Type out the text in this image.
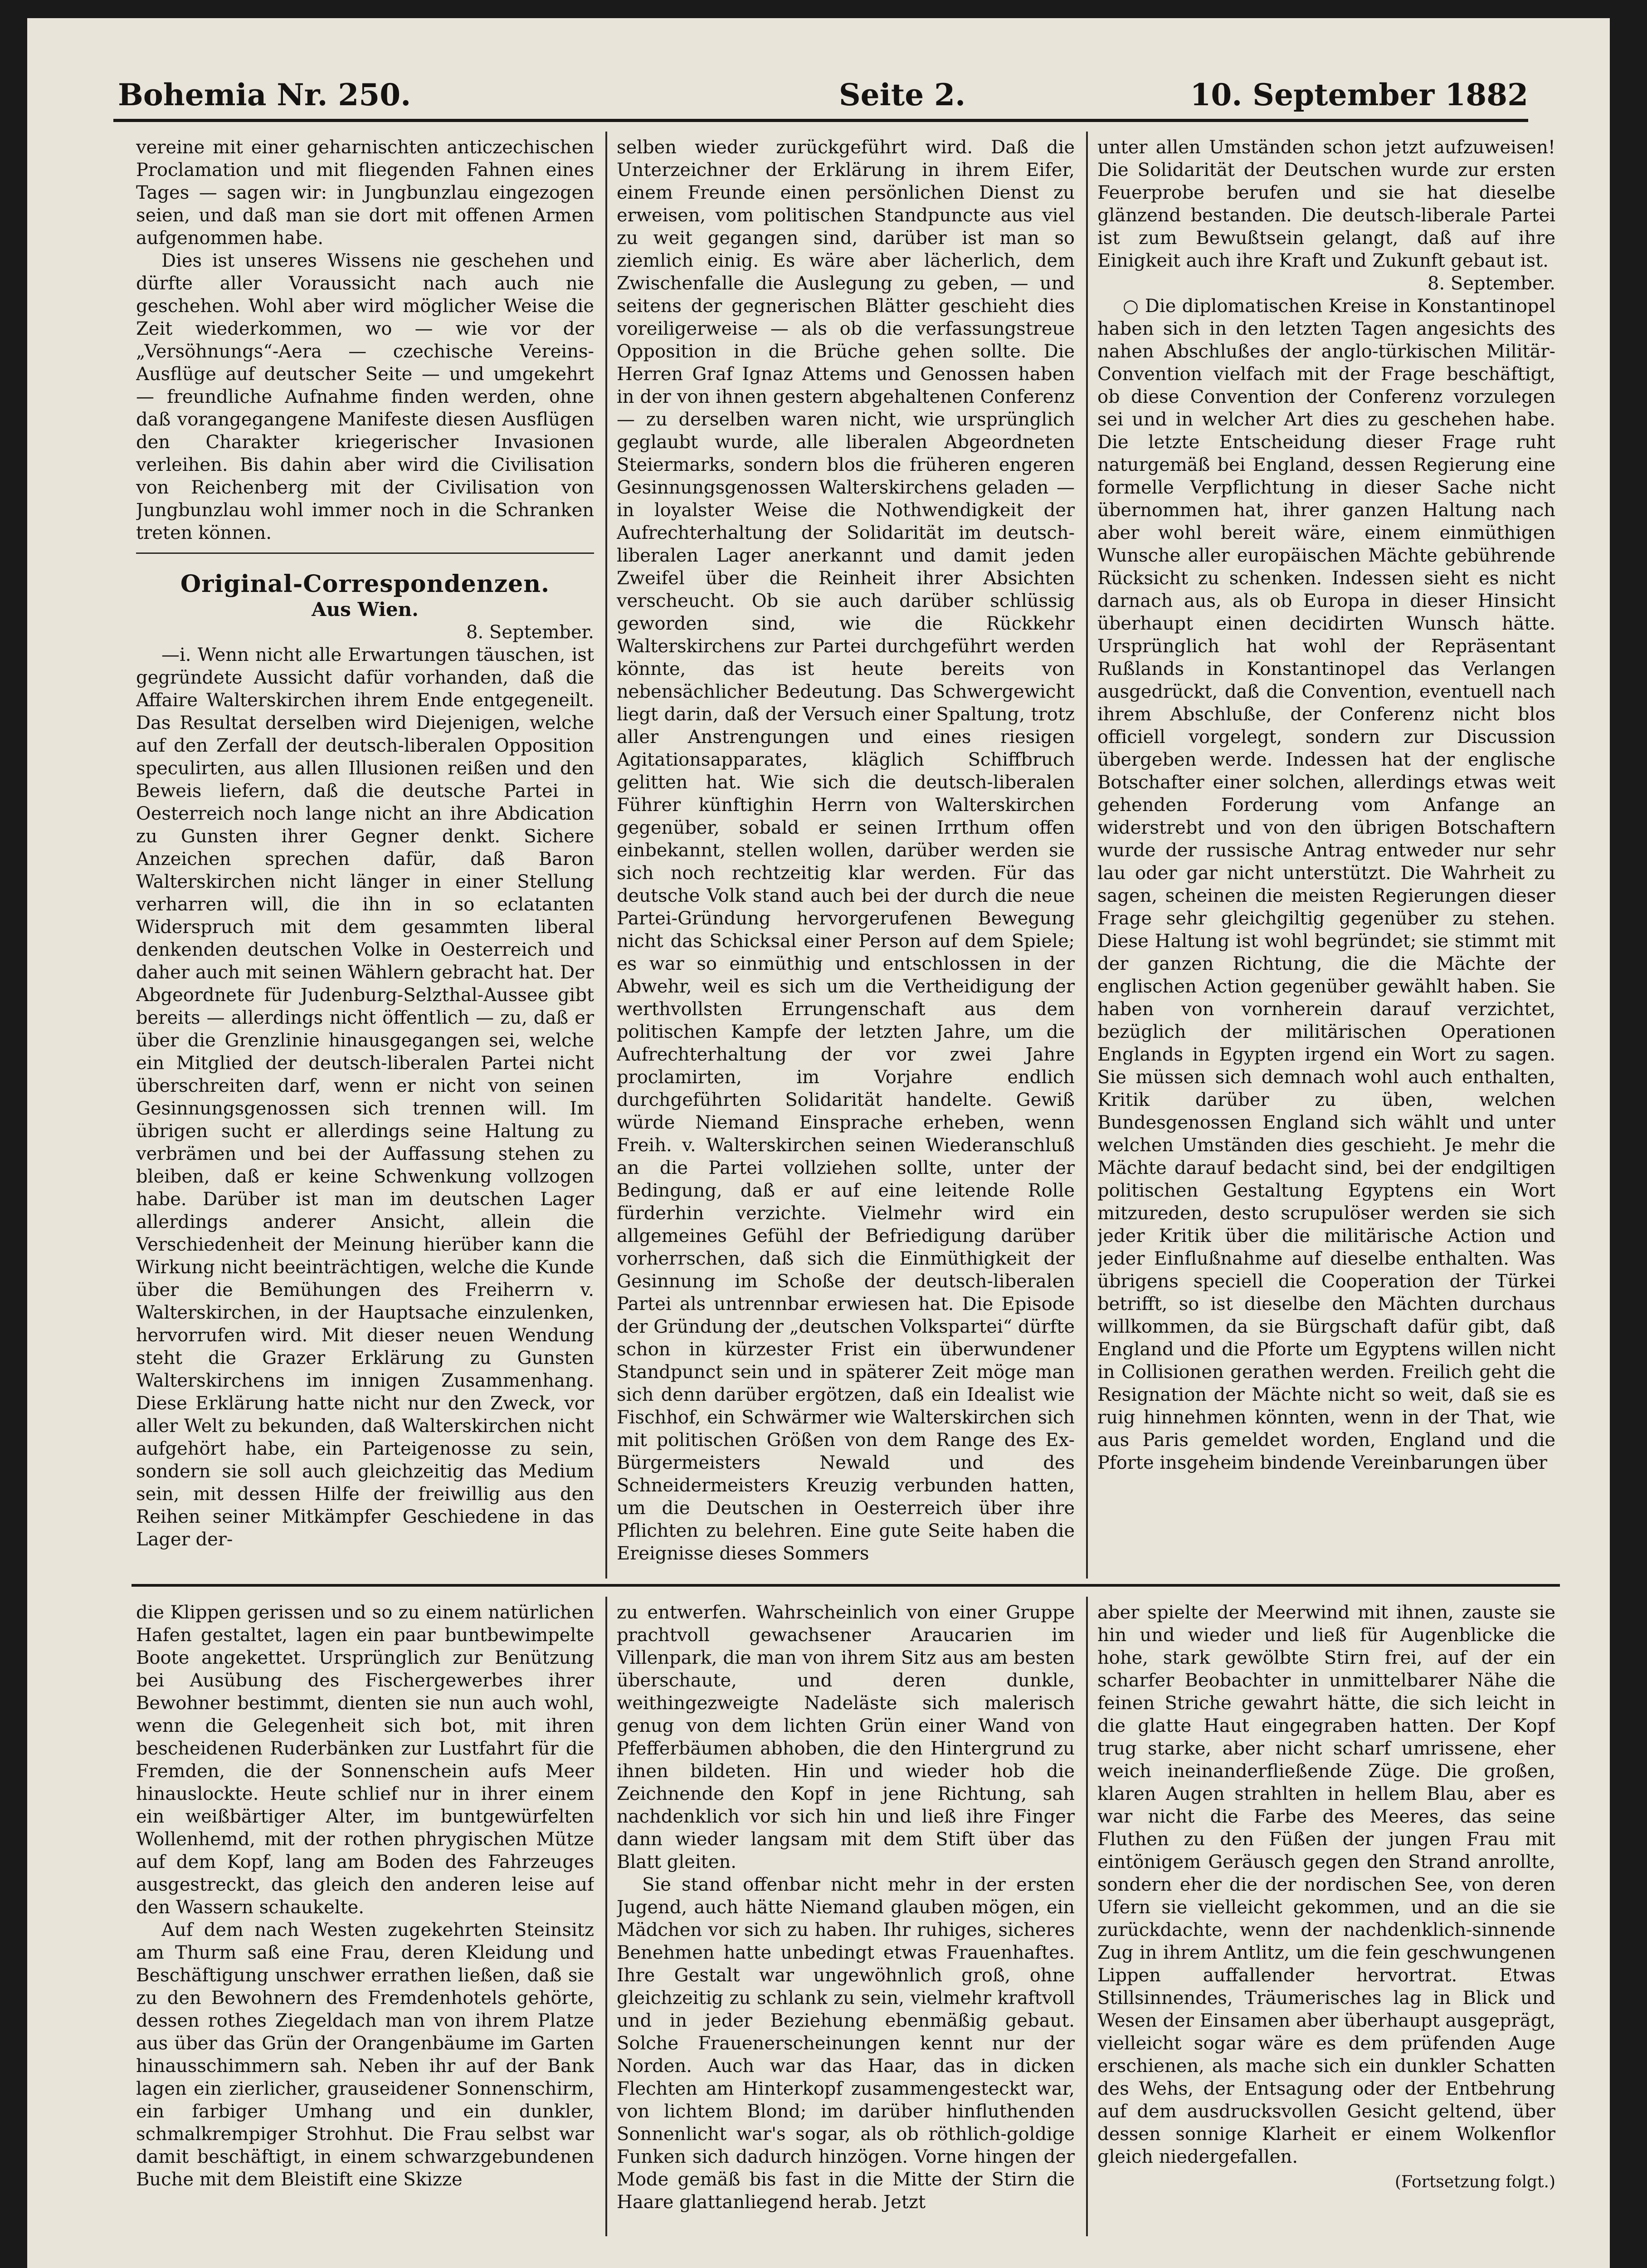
Bohemia Nr. 250.	Seite 2.	10. September 1882

vereine mit einer geharnischten anticzechischen Proclamation und mit fliegenden Fahnen eines Tages — sagen wir: in Jungbunzlau eingezogen seien, und daß man sie dort mit offenen Armen aufgenommen habe.

Dies ist unseres Wissens nie geschehen und dürfte aller Voraussicht nach auch nie geschehen. Wohl aber wird möglicher Weise die Zeit wiederkommen, wo — wie vor der „Versöhnungs“-Aera — czechische Vereins-Ausflüge auf deutscher Seite — und umgekehrt — freundliche Aufnahme finden werden, ohne daß vorangegangene Manifeste diesen Ausflügen den Charakter kriegerischer Invasionen verleihen. Bis dahin aber wird die Civilisation von Reichenberg mit der Civilisation von Jungbunzlau wohl immer noch in die Schranken treten können.

Original-Correspondenzen.

Aus Wien.

8. September.

—i. Wenn nicht alle Erwartungen täuschen, ist gegründete Aussicht dafür vorhanden, daß die Affaire Walterskirchen ihrem Ende entgegeneilt. Das Resultat derselben wird Diejenigen, welche auf den Zerfall der deutsch-liberalen Opposition speculirten, aus allen Illusionen reißen und den Beweis liefern, daß die deutsche Partei in Oesterreich noch lange nicht an ihre Abdication zu Gunsten ihrer Gegner denkt. Sichere Anzeichen sprechen dafür, daß Baron Walterskirchen nicht länger in einer Stellung verharren will, die ihn in so eclatanten Widerspruch mit dem gesammten liberal denkenden deutschen Volke in Oesterreich und daher auch mit seinen Wählern gebracht hat. Der Abgeordnete für Judenburg-Selzthal-Aussee gibt bereits — allerdings nicht öffentlich — zu, daß er über die Grenzlinie hinausgegangen sei, welche ein Mitglied der deutsch-liberalen Partei nicht überschreiten darf, wenn er nicht von seinen Gesinnungsgenossen sich trennen will. Im übrigen sucht er allerdings seine Haltung zu verbrämen und bei der Auffassung stehen zu bleiben, daß er keine Schwenkung vollzogen habe. Darüber ist man im deutschen Lager allerdings anderer Ansicht, allein die Verschiedenheit der Meinung hierüber kann die Wirkung nicht beeinträchtigen, welche die Kunde über die Bemühungen des Freiherrn v. Walterskirchen, in der Hauptsache einzulenken, hervorrufen wird. Mit dieser neuen Wendung steht die Grazer Erklärung zu Gunsten Walterskirchens im innigen Zusammenhang. Diese Erklärung hatte nicht nur den Zweck, vor aller Welt zu bekunden, daß Walterskirchen nicht aufgehört habe, ein Parteigenosse zu sein, sondern sie soll auch gleichzeitig das Medium sein, mit dessen Hilfe der freiwillig aus den Reihen seiner Mitkämpfer Geschiedene in das Lager der-

selben wieder zurückgeführt wird. Daß die Unterzeichner der Erklärung in ihrem Eifer, einem Freunde einen persönlichen Dienst zu erweisen, vom politischen Standpuncte aus viel zu weit gegangen sind, darüber ist man so ziemlich einig. Es wäre aber lächerlich, dem Zwischenfalle die Auslegung zu geben, — und seitens der gegnerischen Blätter geschieht dies voreiligerweise — als ob die verfassungstreue Opposition in die Brüche gehen sollte. Die Herren Graf Ignaz Attems und Genossen haben in der von ihnen gestern abgehaltenen Conferenz — zu derselben waren nicht, wie ursprünglich geglaubt wurde, alle liberalen Abgeordneten Steiermarks, sondern blos die früheren engeren Gesinnungsgenossen Walterskirchens geladen — in loyalster Weise die Nothwendigkeit der Aufrechterhaltung der Solidarität im deutsch-liberalen Lager anerkannt und damit jeden Zweifel über die Reinheit ihrer Absichten verscheucht. Ob sie auch darüber schlüssig geworden sind, wie die Rückkehr Walterskirchens zur Partei durchgeführt werden könnte, das ist heute bereits von nebensächlicher Bedeutung. Das Schwergewicht liegt darin, daß der Versuch einer Spaltung, trotz aller Anstrengungen und eines riesigen Agitationsapparates, kläglich Schiffbruch gelitten hat. Wie sich die deutsch-liberalen Führer künftighin Herrn von Walterskirchen gegenüber, sobald er seinen Irrthum offen einbekannt, stellen wollen, darüber werden sie sich noch rechtzeitig klar werden. Für das deutsche Volk stand auch bei der durch die neue Partei-Gründung hervorgerufenen Bewegung nicht das Schicksal einer Person auf dem Spiele; es war so einmüthig und entschlossen in der Abwehr, weil es sich um die Vertheidigung der werthvollsten Errungenschaft aus dem politischen Kampfe der letzten Jahre, um die Aufrechterhaltung der vor zwei Jahre proclamirten, im Vorjahre endlich durchgeführten Solidarität handelte. Gewiß würde Niemand Einsprache erheben, wenn Freih. v. Walterskirchen seinen Wiederanschluß an die Partei vollziehen sollte, unter der Bedingung, daß er auf eine leitende Rolle fürderhin verzichte. Vielmehr wird ein allgemeines Gefühl der Befriedigung darüber vorherrschen, daß sich die Einmüthigkeit der Gesinnung im Schoße der deutsch-liberalen Partei als untrennbar erwiesen hat. Die Episode der Gründung der „deutschen Volkspartei“ dürfte schon in kürzester Frist ein überwundener Standpunct sein und in späterer Zeit möge man sich denn darüber ergötzen, daß ein Idealist wie Fischhof, ein Schwärmer wie Walterskirchen sich mit politischen Größen von dem Range des Ex-Bürgermeisters Newald und des Schneidermeisters Kreuzig verbunden hatten, um die Deutschen in Oesterreich über ihre Pflichten zu belehren. Eine gute Seite haben die Ereignisse dieses Sommers

unter allen Umständen schon jetzt aufzuweisen! Die Solidarität der Deutschen wurde zur ersten Feuerprobe berufen und sie hat dieselbe glänzend bestanden. Die deutsch-liberale Partei ist zum Bewußtsein gelangt, daß auf ihre Einigkeit auch ihre Kraft und Zukunft gebaut ist.

8. September.

○ Die diplomatischen Kreise in Konstantinopel haben sich in den letzten Tagen angesichts des nahen Abschlußes der anglo-türkischen Militär-Convention vielfach mit der Frage beschäftigt, ob diese Convention der Conferenz vorzulegen sei und in welcher Art dies zu geschehen habe. Die letzte Entscheidung dieser Frage ruht naturgemäß bei England, dessen Regierung eine formelle Verpflichtung in dieser Sache nicht übernommen hat, ihrer ganzen Haltung nach aber wohl bereit wäre, einem einmüthigen Wunsche aller europäischen Mächte gebührende Rücksicht zu schenken. Indessen sieht es nicht darnach aus, als ob Europa in dieser Hinsicht überhaupt einen decidirten Wunsch hätte. Ursprünglich hat wohl der Repräsentant Rußlands in Konstantinopel das Verlangen ausgedrückt, daß die Convention, eventuell nach ihrem Abschluße, der Conferenz nicht blos officiell vorgelegt, sondern zur Discussion übergeben werde. Indessen hat der englische Botschafter einer solchen, allerdings etwas weit gehenden Forderung vom Anfange an widerstrebt und von den übrigen Botschaftern wurde der russische Antrag entweder nur sehr lau oder gar nicht unterstützt. Die Wahrheit zu sagen, scheinen die meisten Regierungen dieser Frage sehr gleichgiltig gegenüber zu stehen. Diese Haltung ist wohl begründet; sie stimmt mit der ganzen Richtung, die die Mächte der englischen Action gegenüber gewählt haben. Sie haben von vornherein darauf verzichtet, bezüglich der militärischen Operationen Englands in Egypten irgend ein Wort zu sagen. Sie müssen sich demnach wohl auch enthalten, Kritik darüber zu üben, welchen Bundesgenossen England sich wählt und unter welchen Umständen dies geschieht. Je mehr die Mächte darauf bedacht sind, bei der endgiltigen politischen Gestaltung Egyptens ein Wort mitzureden, desto scrupulöser werden sie sich jeder Kritik über die militärische Action und jeder Einflußnahme auf dieselbe enthalten. Was übrigens speciell die Cooperation der Türkei betrifft, so ist dieselbe den Mächten durchaus willkommen, da sie Bürgschaft dafür gibt, daß England und die Pforte um Egyptens willen nicht in Collisionen gerathen werden. Freilich geht die Resignation der Mächte nicht so weit, daß sie es ruig hinnehmen könnten, wenn in der That, wie aus Paris gemeldet worden, England und die Pforte insgeheim bindende Vereinbarungen über

die Klippen gerissen und so zu einem natürlichen Hafen gestaltet, lagen ein paar buntbewimpelte Boote angekettet. Ursprünglich zur Benützung bei Ausübung des Fischergewerbes ihrer Bewohner bestimmt, dienten sie nun auch wohl, wenn die Gelegenheit sich bot, mit ihren bescheidenen Ruderbänken zur Lustfahrt für die Fremden, die der Sonnenschein aufs Meer hinauslockte. Heute schlief nur in ihrer einem ein weißbärtiger Alter, im buntgewürfelten Wollenhemd, mit der rothen phrygischen Mütze auf dem Kopf, lang am Boden des Fahrzeuges ausgestreckt, das gleich den anderen leise auf den Wassern schaukelte.

Auf dem nach Westen zugekehrten Steinsitz am Thurm saß eine Frau, deren Kleidung und Beschäftigung unschwer errathen ließen, daß sie zu den Bewohnern des Fremdenhotels gehörte, dessen rothes Ziegeldach man von ihrem Platze aus über das Grün der Orangenbäume im Garten hinausschimmern sah. Neben ihr auf der Bank lagen ein zierlicher, grauseidener Sonnenschirm, ein farbiger Umhang und ein dunkler, schmalkrempiger Strohhut. Die Frau selbst war damit beschäftigt, in einem schwarzgebundenen Buche mit dem Bleistift eine Skizze

zu entwerfen. Wahrscheinlich von einer Gruppe prachtvoll gewachsener Araucarien im Villenpark, die man von ihrem Sitz aus am besten überschaute, und deren dunkle, weithingezweigte Nadeläste sich malerisch genug von dem lichten Grün einer Wand von Pfefferbäumen abhoben, die den Hintergrund zu ihnen bildeten. Hin und wieder hob die Zeichnende den Kopf in jene Richtung, sah nachdenklich vor sich hin und ließ ihre Finger dann wieder langsam mit dem Stift über das Blatt gleiten.

Sie stand offenbar nicht mehr in der ersten Jugend, auch hätte Niemand glauben mögen, ein Mädchen vor sich zu haben. Ihr ruhiges, sicheres Benehmen hatte unbedingt etwas Frauenhaftes. Ihre Gestalt war ungewöhnlich groß, ohne gleichzeitig zu schlank zu sein, vielmehr kraftvoll und in jeder Beziehung ebenmäßig gebaut. Solche Frauenerscheinungen kennt nur der Norden. Auch war das Haar, das in dicken Flechten am Hinterkopf zusammengesteckt war, von lichtem Blond; im darüber hinfluthenden Sonnenlicht war's sogar, als ob röthlich-goldige Funken sich dadurch hinzögen. Vorne hingen der Mode gemäß bis fast in die Mitte der Stirn die Haare glattanliegend herab. Jetzt

aber spielte der Meerwind mit ihnen, zauste sie hin und wieder und ließ für Augenblicke die hohe, stark gewölbte Stirn frei, auf der ein scharfer Beobachter in unmittelbarer Nähe die feinen Striche gewahrt hätte, die sich leicht in die glatte Haut eingegraben hatten. Der Kopf trug starke, aber nicht scharf umrissene, eher weich ineinanderfließende Züge. Die großen, klaren Augen strahlten in hellem Blau, aber es war nicht die Farbe des Meeres, das seine Fluthen zu den Füßen der jungen Frau mit eintönigem Geräusch gegen den Strand anrollte, sondern eher die der nordischen See, von deren Ufern sie vielleicht gekommen, und an die sie zurückdachte, wenn der nachdenklich-sinnende Zug in ihrem Antlitz, um die fein geschwungenen Lippen auffallender hervortrat. Etwas Stillsinnendes, Träumerisches lag in Blick und Wesen der Einsamen aber überhaupt ausgeprägt, vielleicht sogar wäre es dem prüfenden Auge erschienen, als mache sich ein dunkler Schatten des Wehs, der Entsagung oder der Entbehrung auf dem ausdrucksvollen Gesicht geltend, über dessen sonnige Klarheit er einem Wolkenflor gleich niedergefallen.

(Fortsetzung folgt.)
